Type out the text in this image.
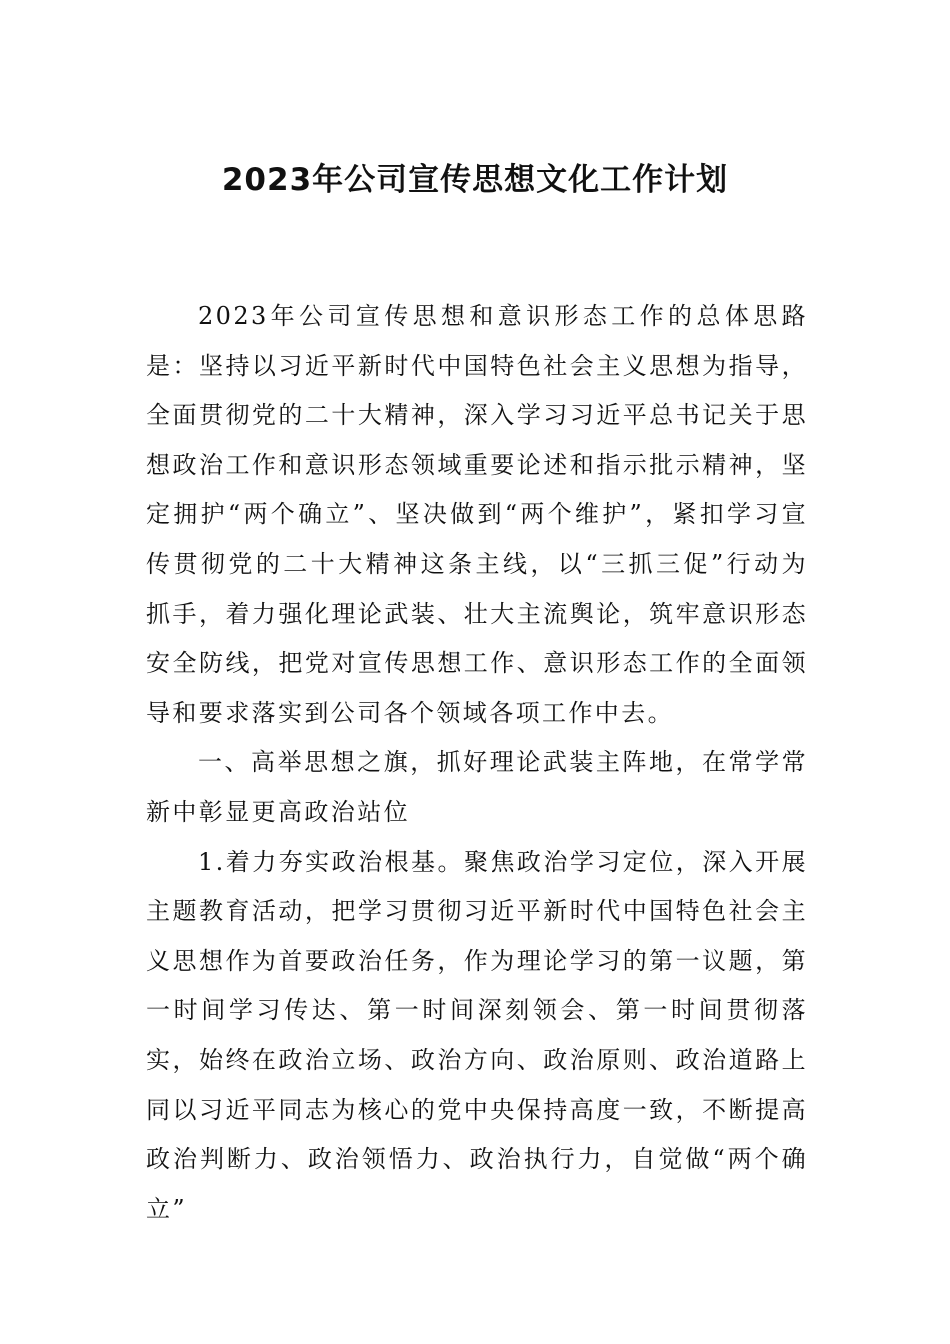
2023年公司宣传思想文化工作计划

2023年公司宣传思想和意识形态工作的总体思路是：坚持以习近平新时代中国特色社会主义思想为指导，全面贯彻党的二十大精神，深入学习习近平总书记关于思想政治工作和意识形态领域重要论述和指示批示精神，坚定拥护“两个确立”、坚决做到“两个维护”，紧扣学习宣传贯彻党的二十大精神这条主线，以“三抓三促”行动为抓手，着力强化理论武装、壮大主流舆论，筑牢意识形态安全防线，把党对宣传思想工作、意识形态工作的全面领导和要求落实到公司各个领域各项工作中去。

一、高举思想之旗，抓好理论武装主阵地，在常学常新中彰显更高政治站位

1.着力夯实政治根基。聚焦政治学习定位，深入开展主题教育活动，把学习贯彻习近平新时代中国特色社会主义思想作为首要政治任务，作为理论学习的第一议题，第一时间学习传达、第一时间深刻领会、第一时间贯彻落实，始终在政治立场、政治方向、政治原则、政治道路上同以习近平同志为核心的党中央保持高度一致，不断提高政治判断力、政治领悟力、政治执行力，自觉做“两个确立”
